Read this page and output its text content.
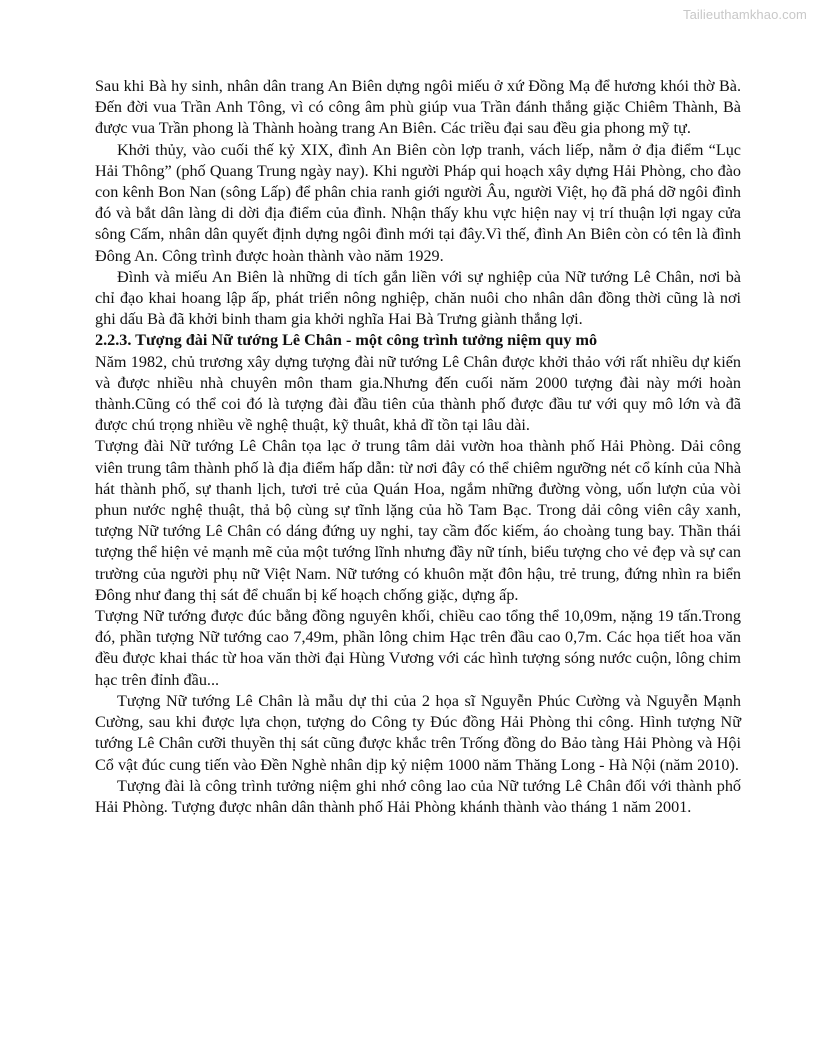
Tailieuthamkhao.com

Sau khi Bà hy sinh, nhân dân trang An Biên dựng ngôi miếu ở xứ Đồng Mạ để hương khói thờ Bà. Đến đời vua Trần Anh Tông, vì có công âm phù giúp vua Trần đánh thắng giặc Chiêm Thành, Bà được vua Trần phong là Thành hoàng trang An Biên. Các triều đại sau đều gia phong mỹ tự.

Khởi thủy, vào cuối thế kỷ XIX, đình An Biên còn lợp tranh, vách liếp, nằm ở địa điểm “Lục Hải Thông” (phố Quang Trung ngày nay). Khi người Pháp qui hoạch xây dựng Hải Phòng, cho đào con kênh Bon Nan (sông Lấp) để phân chia ranh giới người Âu, người Việt, họ đã phá dỡ ngôi đình đó và bắt dân làng di dời địa điểm của đình. Nhận thấy khu vực hiện nay vị trí thuận lợi ngay cửa sông Cấm, nhân dân quyết định dựng ngôi đình mới tại đây.Vì thế, đình An Biên còn có tên là đình Đông An. Công trình được hoàn thành vào năm 1929.

Đình và miếu An Biên là những di tích gắn liền với sự nghiệp của Nữ tướng Lê Chân, nơi bà chỉ đạo khai hoang lập ấp, phát triển nông nghiệp, chăn nuôi cho nhân dân đồng thời cũng là nơi ghi dấu Bà đã khởi binh tham gia khởi nghĩa Hai Bà Trưng giành thắng lợi.

2.2.3. Tượng đài Nữ tướng Lê Chân - một công trình tưởng niệm quy mô

Năm 1982, chủ trương xây dựng tượng đài nữ tướng Lê Chân được khởi thảo với rất nhiều dự kiến và được nhiều nhà chuyên môn tham gia.Nhưng đến cuối năm 2000 tượng đài này mới hoàn thành.Cũng có thể coi đó là tượng đài đầu tiên của thành phố được đầu tư với quy mô lớn và đã được chú trọng nhiều về nghệ thuật, kỹ thuât, khả dĩ tồn tại lâu dài.

Tượng đài Nữ tướng Lê Chân tọa lạc ở trung tâm dải vườn hoa thành phố Hải Phòng. Dải công viên trung tâm thành phố là địa điểm hấp dẫn: từ nơi đây có thể chiêm ngưỡng nét cổ kính của Nhà hát thành phố, sự thanh lịch, tươi trẻ của Quán Hoa, ngắm những đường vòng, uốn lượn của vòi phun nước nghệ thuật, thả bộ cùng sự tĩnh lặng của hồ Tam Bạc. Trong dải công viên cây xanh, tượng Nữ tướng Lê Chân có dáng đứng uy nghi, tay cầm đốc kiếm, áo choàng tung bay. Thần thái tượng thể hiện vẻ mạnh mẽ của một tướng lĩnh nhưng đầy nữ tính, biểu tượng cho vẻ đẹp và sự can trường của người phụ nữ Việt Nam. Nữ tướng có khuôn mặt đôn hậu, trẻ trung, đứng nhìn ra biển Đông như đang thị sát để chuẩn bị kế hoạch chống giặc, dựng ấp.

Tượng Nữ tướng được đúc bằng đồng nguyên khối, chiều cao tổng thể 10,09m, nặng 19 tấn.Trong đó, phần tượng Nữ tướng cao 7,49m, phần lông chim Hạc trên đầu cao 0,7m. Các họa tiết hoa văn đều được khai thác từ hoa văn thời đại Hùng Vương với các hình tượng sóng nước cuộn, lông chim hạc trên đỉnh đầu...

Tượng Nữ tướng Lê Chân là mẫu dự thi của 2 họa sĩ Nguyễn Phúc Cường và Nguyễn Mạnh Cường, sau khi được lựa chọn, tượng do Công ty Đúc đồng Hải Phòng thi công. Hình tượng Nữ tướng Lê Chân cưỡi thuyền thị sát cũng được khắc trên Trống đồng do Bảo tàng Hải Phòng và Hội Cổ vật đúc cung tiến vào Đền Nghè nhân dịp kỷ niệm 1000 năm Thăng Long - Hà Nội (năm 2010).

Tượng đài là công trình tưởng niệm ghi nhớ công lao của Nữ tướng Lê Chân đối với thành phố Hải Phòng. Tượng được nhân dân thành phố Hải Phòng khánh thành vào tháng 1 năm 2001.
